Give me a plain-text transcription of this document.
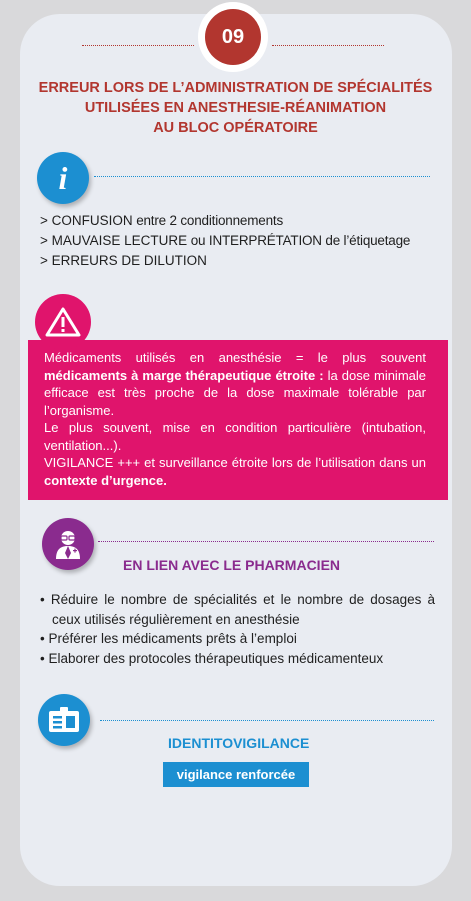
09
ERREUR LORS DE L’ADMINISTRATION DE SPÉCIALITÉS
UTILISÉES EN ANESTHESIE-RÉANIMATION
AU BLOC OPÉRATOIRE
i
> CONFUSION entre 2 conditionnements
> MAUVAISE LECTURE ou INTERPRÉTATION de l’étiquetage
> ERREURS DE DILUTION

Médicaments utilisés en anesthésie = le plus souvent médicaments à marge thérapeutique étroite : la dose minimale efficace est très proche de la dose maximale tolérable par l’organisme.

Le plus souvent, mise en condition particulière (intubation, ventilation...).

VIGILANCE +++ et surveillance étroite lors de l’utilisation dans un contexte d’urgence.

EN LIEN AVEC LE PHARMACIEN
• Réduire le nombre de spécialités et le nombre de dosages à ceux utilisés régulièrement en anesthésie
• Préférer les médicaments prêts à l’emploi
• Elaborer des protocoles thérapeutiques médicamenteux
IDENTITOVIGILANCE
vigilance renforcée
